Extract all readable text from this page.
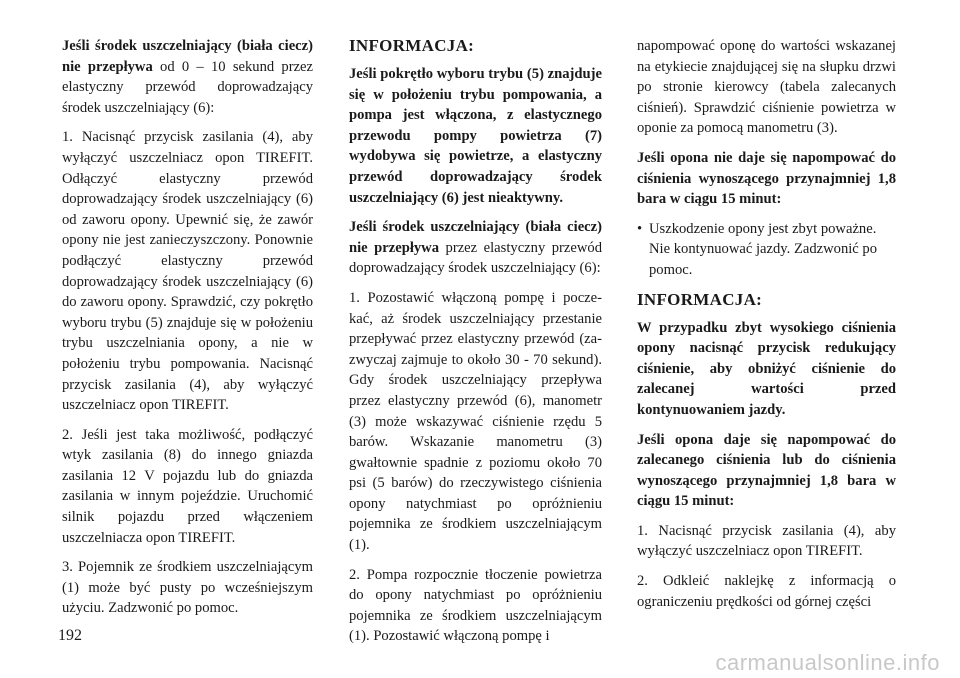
Jeśli środek uszczelniający (biała ciecz) nie przepływa od 0 – 10 sekund przez elastyczny przewód doprowadzający środek uszczelniający (6):

1. Nacisnąć przycisk zasilania (4), aby wyłączyć uszczelniacz opon TIREFIT. Odłączyć elastyczny przewód doprowadzający środek uszczelniający (6) od zaworu opony. Upewnić się, że zawór opony nie jest zanieczyszczony. Ponownie podłączyć elastyczny przewód doprowadzający środek uszczelniający (6) do zaworu opony. Sprawdzić, czy pokrętło wyboru trybu (5) znajduje się w położeniu trybu uszczelniania opony, a nie w położeniu trybu pompowania. Nacisnąć przycisk zasilania (4), aby wyłączyć uszczelniacz opon TIREFIT.

2. Jeśli jest taka możliwość, podłączyć wtyk zasilania (8) do innego gniazda zasilania 12 V pojazdu lub do gniazda zasilania w innym pojeździe. Uruchomić silnik pojazdu przed włączeniem uszczelniacza opon TIREFIT.

3. Pojemnik ze środkiem uszczelniającym (1) może być pusty po wcześniejszym użyciu. Zadzwonić po pomoc.

INFORMACJA:

Jeśli pokrętło wyboru trybu (5) znajduje się w położeniu trybu pompowania, a pompa jest włączona, z elastycznego przewodu pompy powietrza (7) wydobywa się powietrze, a elastyczny przewód doprowadzający środek uszczelniający (6) jest nieaktywny.

Jeśli środek uszczelniający (biała ciecz) nie przepływa przez elastyczny przewód doprowadzający środek uszczelniający (6):

1. Pozostawić włączoną pompę i pocze-kać, aż środek uszczelniający przestanie przepływać przez elastyczny przewód (za-zwyczaj zajmuje to około 30 - 70 sekund). Gdy środek uszczelniający przepływa przez elastyczny przewód (6), manometr (3) może wskazywać ciśnienie rzędu 5 barów. Wskazanie manometru (3) gwałtownie spadnie z poziomu około 70 psi (5 barów) do rzeczywistego ciśnienia opony natychmiast po opróżnieniu pojemnika ze środkiem uszczelniającym (1).

2. Pompa rozpocznie tłoczenie powietrza do opony natychmiast po opróżnieniu pojemnika ze środkiem uszczelniającym (1). Pozostawić włączoną pompę i

napompować oponę do wartości wskazanej na etykiecie znajdującej się na słupku drzwi po stronie kierowcy (tabela zalecanych ciśnień). Sprawdzić ciśnienie powietrza w oponie za pomocą manometru (3).

Jeśli opona nie daje się napompować do ciśnienia wynoszącego przynajmniej 1,8 bara w ciągu 15 minut:

• Uszkodzenie opony jest zbyt poważne. Nie kontynuować jazdy. Zadzwonić po pomoc.
INFORMACJA:

W przypadku zbyt wysokiego ciśnienia opony nacisnąć przycisk redukujący ciśnienie, aby obniżyć ciśnienie do zalecanej wartości przed kontynuowaniem jazdy.

Jeśli opona daje się napompować do zalecanego ciśnienia lub do ciśnienia wynoszącego przynajmniej 1,8 bara w ciągu 15 minut:

1. Nacisnąć przycisk zasilania (4), aby wyłączyć uszczelniacz opon TIREFIT.

2. Odkleić naklejkę z informacją o ograniczeniu prędkości od górnej części

192
carmanualsonline.info
